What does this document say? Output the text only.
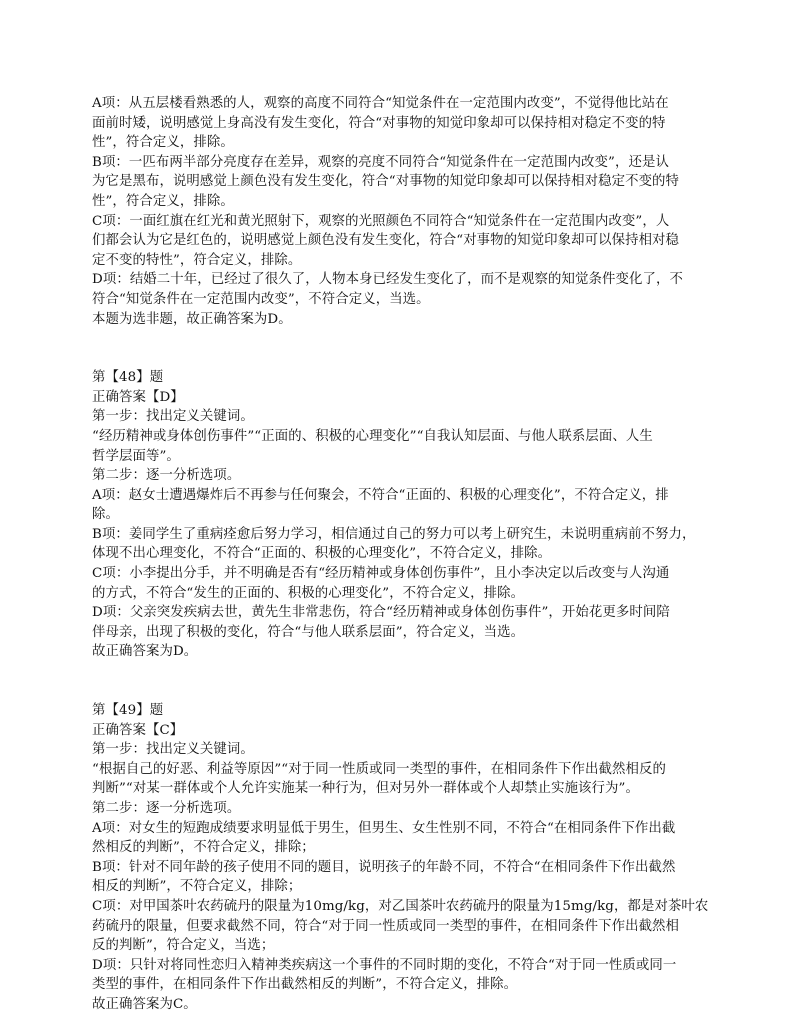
A项：从五层楼看熟悉的人，观察的高度不同符合“知觉条件在一定范围内改变”，不觉得他比站在
面前时矮，说明感觉上身高没有发生变化，符合“对事物的知觉印象却可以保持相对稳定不变的特
性”，符合定义，排除。
B项：一匹布两半部分亮度存在差异，观察的亮度不同符合“知觉条件在一定范围内改变”，还是认
为它是黑布，说明感觉上颜色没有发生变化，符合“对事物的知觉印象却可以保持相对稳定不变的特
性”，符合定义，排除。
C项：一面红旗在红光和黄光照射下，观察的光照颜色不同符合“知觉条件在一定范围内改变”，人
们都会认为它是红色的，说明感觉上颜色没有发生变化，符合“对事物的知觉印象却可以保持相对稳
定不变的特性”，符合定义，排除。
D项：结婚二十年，已经过了很久了，人物本身已经发生变化了，而不是观察的知觉条件变化了，不
符合“知觉条件在一定范围内改变”，不符合定义，当选。
本题为选非题，故正确答案为D。
第【48】题
正确答案【D】
第一步：找出定义关键词。
“经历精神或身体创伤事件”“正面的、积极的心理变化”“自我认知层面、与他人联系层面、人生
哲学层面等”。
第二步：逐一分析选项。
A项：赵女士遭遇爆炸后不再参与任何聚会，不符合“正面的、积极的心理变化”，不符合定义，排
除。
B项：姜同学生了重病痊愈后努力学习，相信通过自己的努力可以考上研究生，未说明重病前不努力，
体现不出心理变化，不符合“正面的、积极的心理变化”，不符合定义，排除。
C项：小李提出分手，并不明确是否有“经历精神或身体创伤事件”，且小李决定以后改变与人沟通
的方式，不符合“发生的正面的、积极的心理变化”，不符合定义，排除。
D项：父亲突发疾病去世，黄先生非常悲伤，符合“经历精神或身体创伤事件”，开始花更多时间陪
伴母亲，出现了积极的变化，符合“与他人联系层面”，符合定义，当选。
故正确答案为D。
第【49】题
正确答案【C】
第一步：找出定义关键词。
“根据自己的好恶、利益等原因”“对于同一性质或同一类型的事件，在相同条件下作出截然相反的
判断”“对某一群体或个人允许实施某一种行为，但对另外一群体或个人却禁止实施该行为”。
第二步：逐一分析选项。
A项：对女生的短跑成绩要求明显低于男生，但男生、女生性别不同，不符合“在相同条件下作出截
然相反的判断”，不符合定义，排除；
B项：针对不同年龄的孩子使用不同的题目，说明孩子的年龄不同，不符合“在相同条件下作出截然
相反的判断”，不符合定义，排除；
C项：对甲国茶叶农药硫丹的限量为10mg/kg，对乙国茶叶农药硫丹的限量为15mg/kg，都是对茶叶农
药硫丹的限量，但要求截然不同，符合“对于同一性质或同一类型的事件，在相同条件下作出截然相
反的判断”，符合定义，当选；
D项：只针对将同性恋归入精神类疾病这一个事件的不同时期的变化，不符合“对于同一性质或同一
类型的事件，在相同条件下作出截然相反的判断”，不符合定义，排除。
故正确答案为C。
